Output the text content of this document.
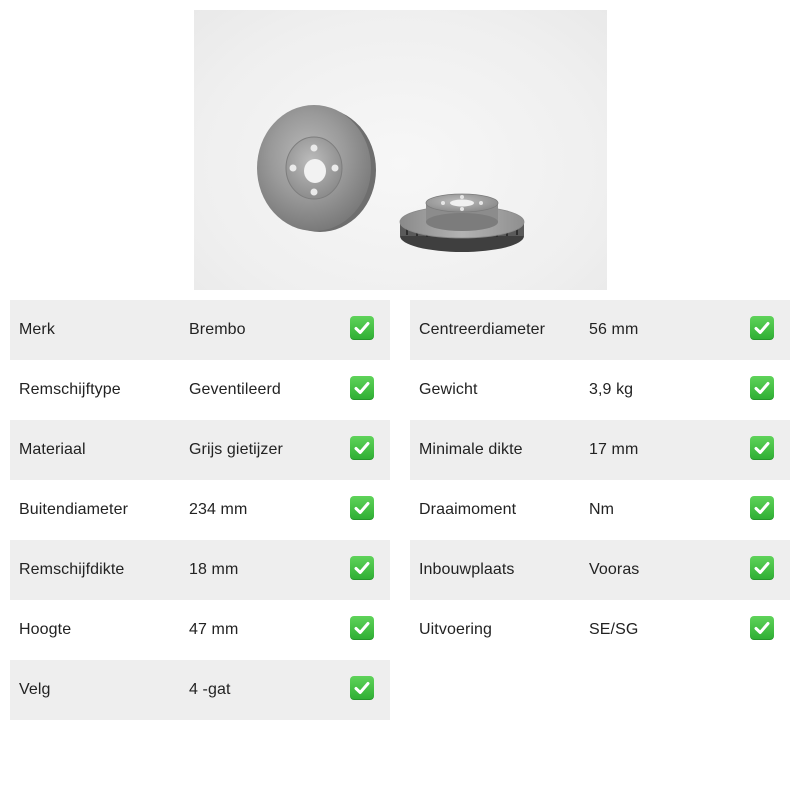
Merk	Brembo
Remschijftype	Geventileerd
Materiaal	Grijs gietijzer
Buitendiameter	234 mm
Remschijfdikte	18 mm
Hoogte	47 mm
Velg	4 -gat
Centreerdiameter	56 mm
Gewicht	3,9 kg
Minimale dikte	17 mm
Draaimoment	Nm
Inbouwplaats	Vooras
Uitvoering	SE/SG
